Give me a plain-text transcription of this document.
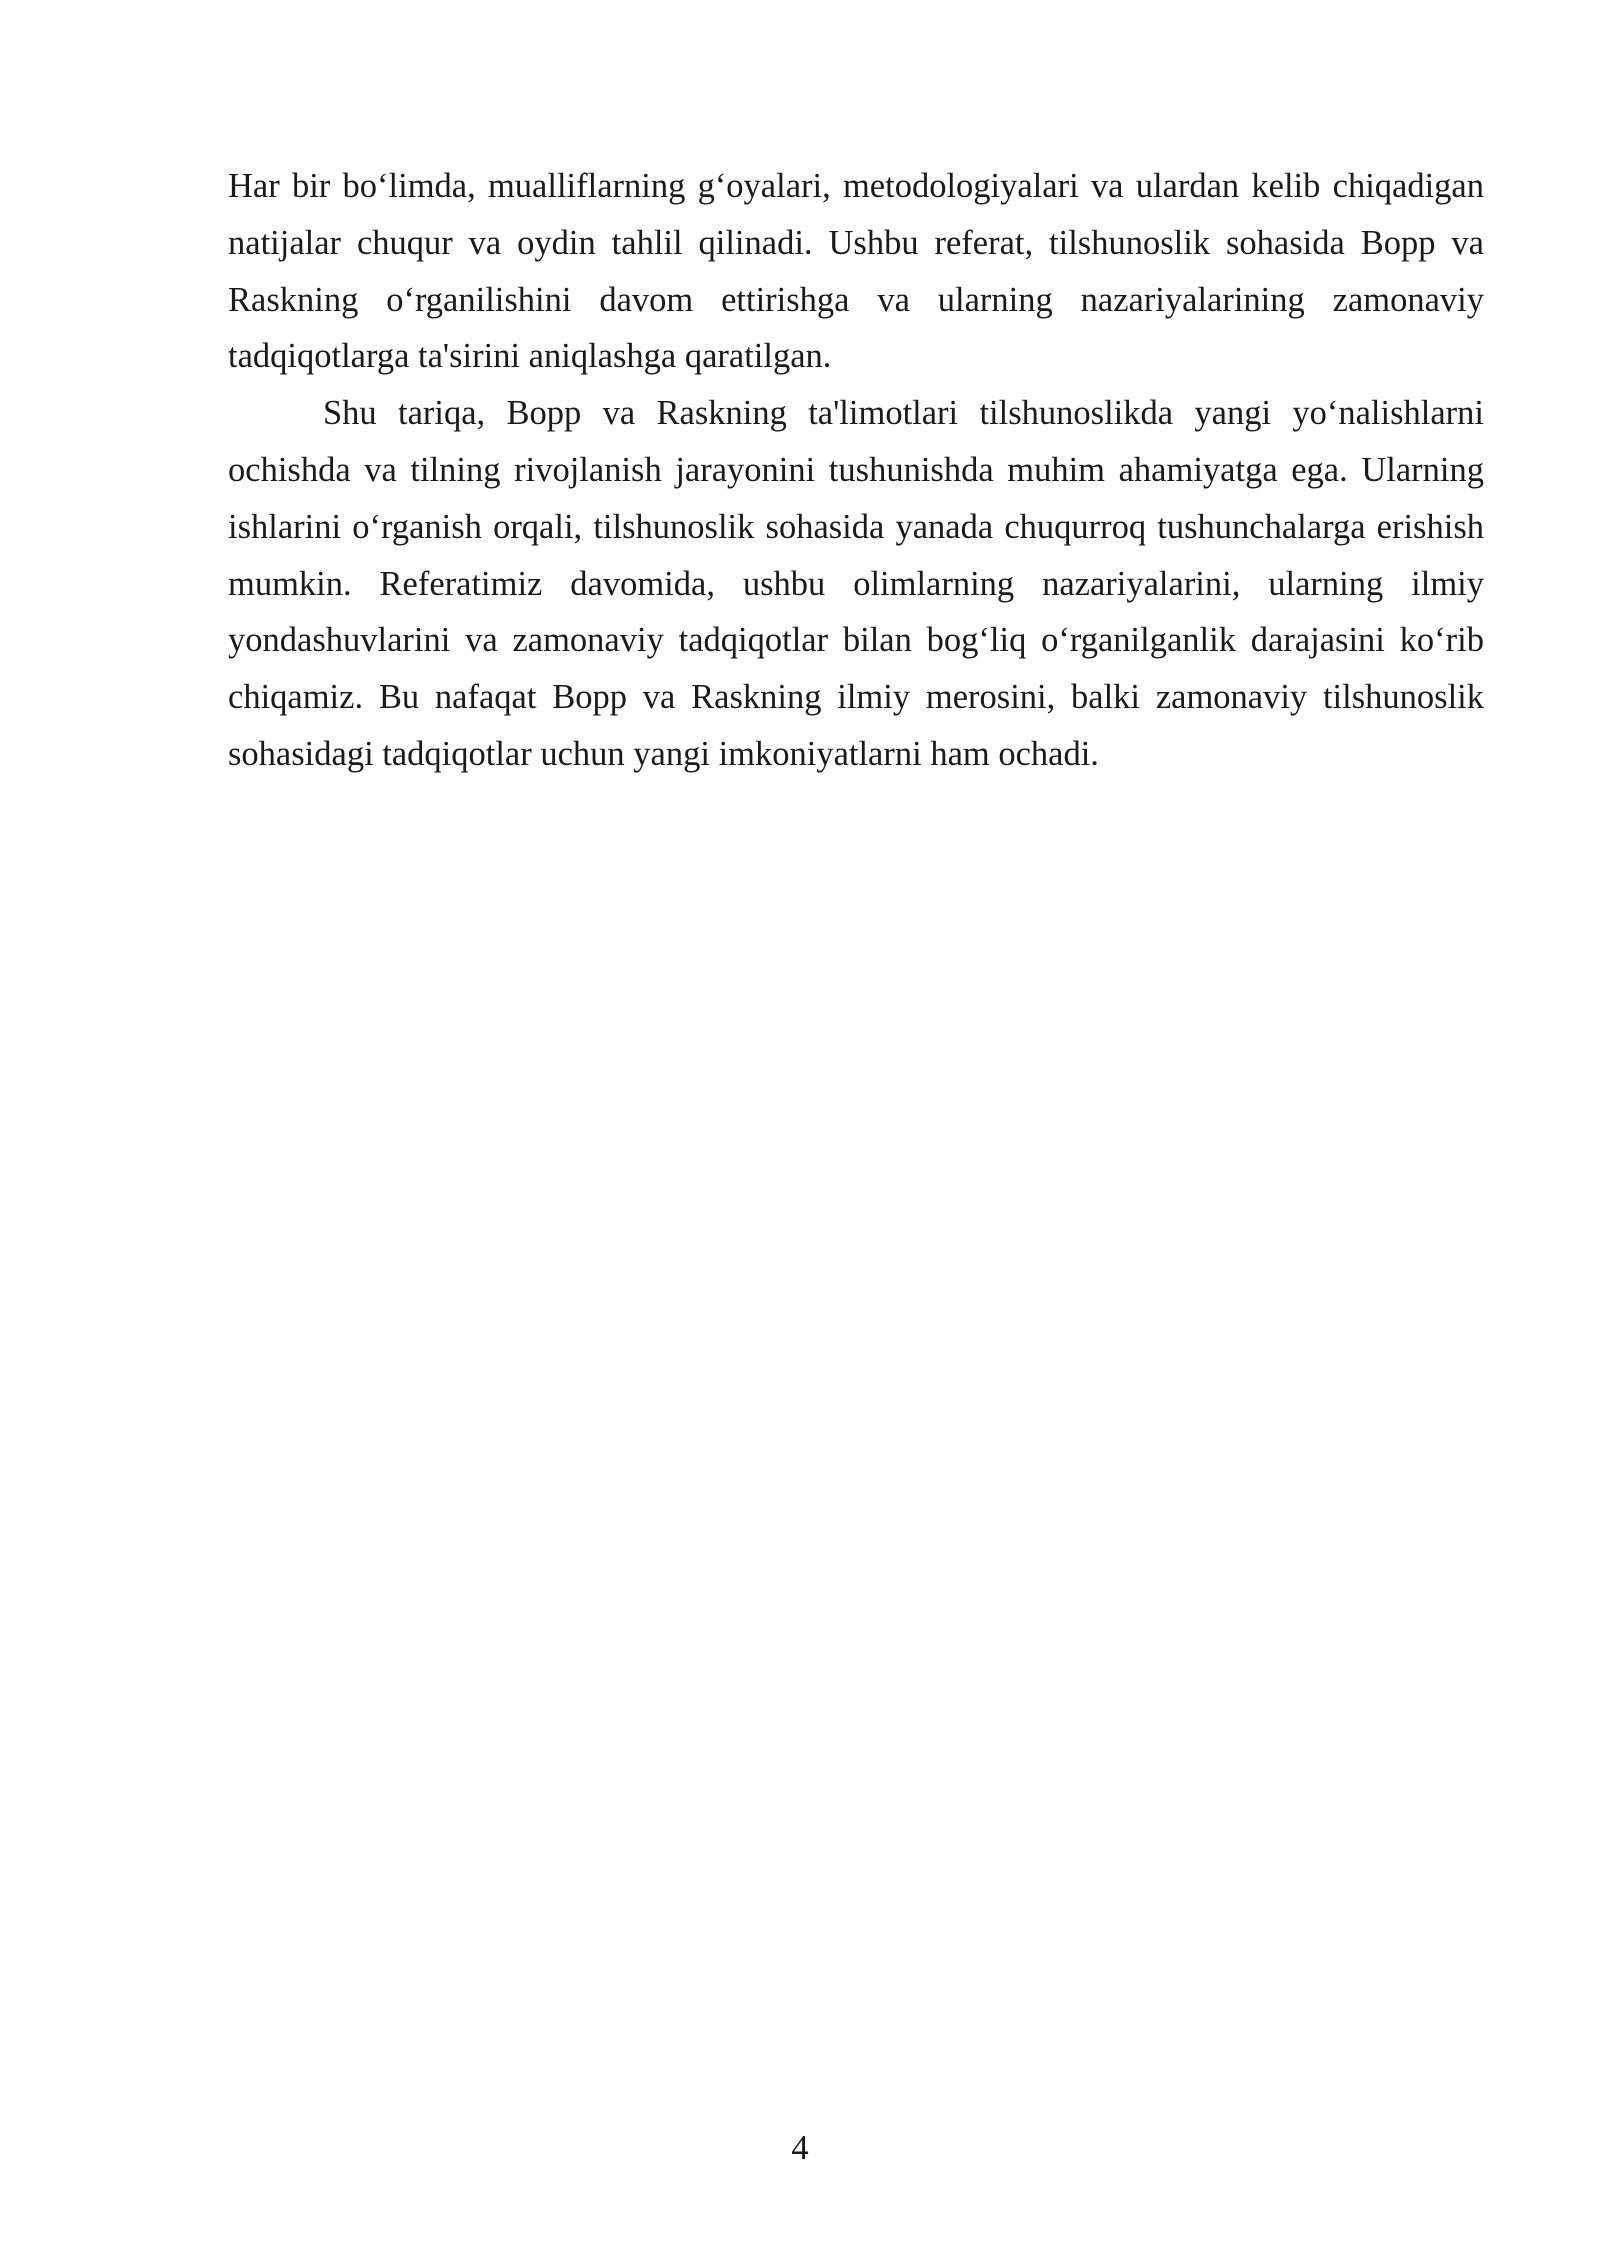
Har bir bo‘limda, mualliflarning g‘oyalari, metodologiyalari va ulardan kelib chiqadigan natijalar chuqur va oydin tahlil qilinadi. Ushbu referat, tilshunoslik sohasida Bopp va Raskning o‘rganilishini davom ettirishga va ularning nazariyalarining zamonaviy tadqiqotlarga ta'sirini aniqlashga qaratilgan.

Shu tariqa, Bopp va Raskning ta'limotlari tilshunoslikda yangi yo‘nalishlarni ochishda va tilning rivojlanish jarayonini tushunishda muhim ahamiyatga ega. Ularning ishlarini o‘rganish orqali, tilshunoslik sohasida yanada chuqurroq tushunchalarga erishish mumkin. Referatimiz davomida, ushbu olimlarning nazariyalarini, ularning ilmiy yondashuvlarini va zamonaviy tadqiqotlar bilan bog‘liq o‘rganilganlik darajasini ko‘rib chiqamiz. Bu nafaqat Bopp va Raskning ilmiy merosini, balki zamonaviy tilshunoslik sohasidagi tadqiqotlar uchun yangi imkoniyatlarni ham ochadi.

4
